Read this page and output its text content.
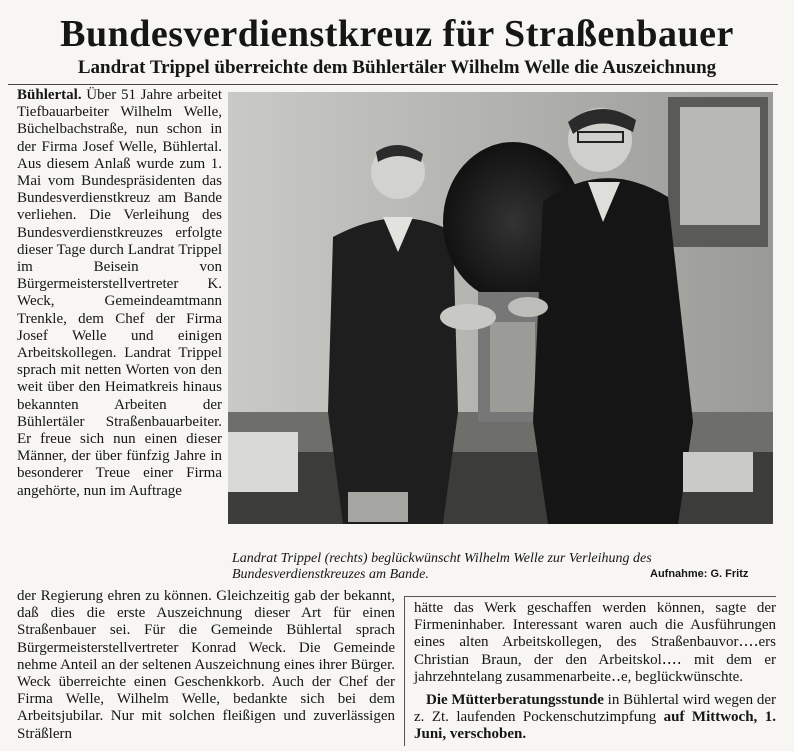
Bundesverdienstkreuz für Straßenbauer
Landrat Trippel überreichte dem Bühlertäler Wilhelm Welle die Auszeichnung

Bühlertal. Über 51 Jahre arbeitet Tiefbauarbeiter Wilhelm Welle, Büchelbachstraße, nun schon in der Firma Josef Welle, Bühlertal. Aus diesem Anlaß wurde zum 1. Mai vom Bundespräsidenten das Bundesverdienstkreuz am Bande verliehen. Die Verleihung des Bundesverdienstkreuzes erfolgte dieser Tage durch Landrat Trippel im Beisein von Bürgermeisterstellvertreter K. Weck, Gemeindeamtmann Trenkle, dem Chef der Firma Josef Welle und einigen Arbeitskollegen. Landrat Trippel sprach mit netten Worten von den weit über den Heimatkreis hinaus bekannten Arbeiten der Bühlertäler Straßenbauarbeiter. Er freue sich nun einen dieser Männer, der über fünfzig Jahre in besonderer Treue einer Firma angehörte, nun im Auftrage

Landrat Trippel (rechts) beglückwünscht Wilhelm Welle zur Verleihung des Bundesverdienstkreuzes am Bande.	Aufnahme: G. Fritz

der Regierung ehren zu können. Gleichzeitig gab der bekannt, daß dies die erste Auszeichnung dieser Art für einen Straßenbauer sei. Für die Gemeinde Bühlertal sprach Bürgermeisterstellvertreter Konrad Weck. Die Gemeinde nehme Anteil an der seltenen Auszeichnung eines ihrer Bürger. Weck überreichte einen Geschenkkorb. Auch der Chef der Firma Welle, Wilhelm Welle, bedankte sich bei dem Arbeitsjubilar. Nur mit solchen fleißigen und zuverlässigen Sträßlern

hätte das Werk geschaffen werden können, sagte der Firmeninhaber. Interessant waren auch die Ausführungen eines alten Arbeitskollegen, des Straßenbauvor‥‥ers Christian Braun, der den Arbeitskol‥‥ mit dem er jahrzehntelang zusammenarbeite‥e, beglückwünschte.

Die Mütterberatungsstunde in Bühlertal wird wegen der z. Zt. laufenden Pockenschutzimpfung auf Mittwoch, 1. Juni, verschoben.
